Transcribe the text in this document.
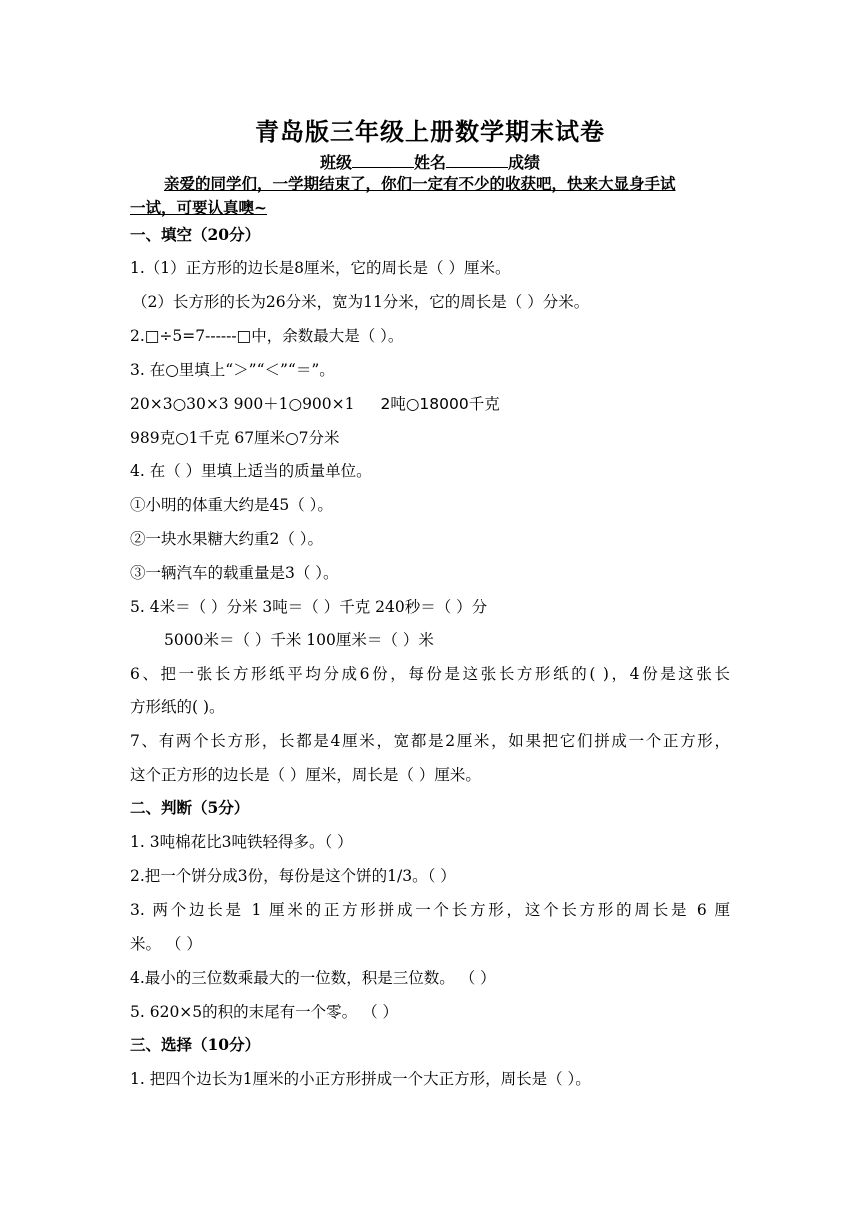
青岛版三年级上册数学期末试卷
班级	姓名	成绩
亲爱的同学们，一学期结束了，你们一定有不少的收获吧，快来大显身手试
一试，可要认真噢~
一、填空（20分）
1.（1）正方形的边长是8厘米，它的周长是（ ）厘米。
（2）长方形的长为26分米，宽为11分米，它的周长是（ ）分米。
2.□÷5=7------□中，余数最大是（ ）。
3. 在○里填上“＞”“＜”“＝”。
20×3○30×3 900＋1○900×1 2吨○18000千克
989克○1千克 67厘米○7分米
4. 在（ ）里填上适当的质量单位。
①小明的体重大约是45（ ）。
②一块水果糖大约重2（ ）。
③一辆汽车的载重量是3（ ）。
5. 4米＝（ ）分米 3吨＝（ ）千克 240秒＝（ ）分
5000米＝（ ）千米 100厘米＝（ ）米
6、把一张长方形纸平均分成6份，每份是这张长方形纸的( )，4份是这张长
方形纸的( )。
7、有两个长方形，长都是4厘米，宽都是2厘米，如果把它们拼成一个正方形，
这个正方形的边长是（ ）厘米，周长是（ ）厘米。
二、判断（5分）
1. 3吨棉花比3吨铁轻得多。（ ）
2.把一个饼分成3份，每份是这个饼的1/3。（ ）
3. 两个边长是 1 厘米的正方形拼成一个长方形，这个长方形的周长是 6 厘
米。 （ ）
4.最小的三位数乘最大的一位数，积是三位数。 （ ）
5. 620×5的积的末尾有一个零。 （ ）
三、选择（10分）
1. 把四个边长为1厘米的小正方形拼成一个大正方形，周长是（ ）。
